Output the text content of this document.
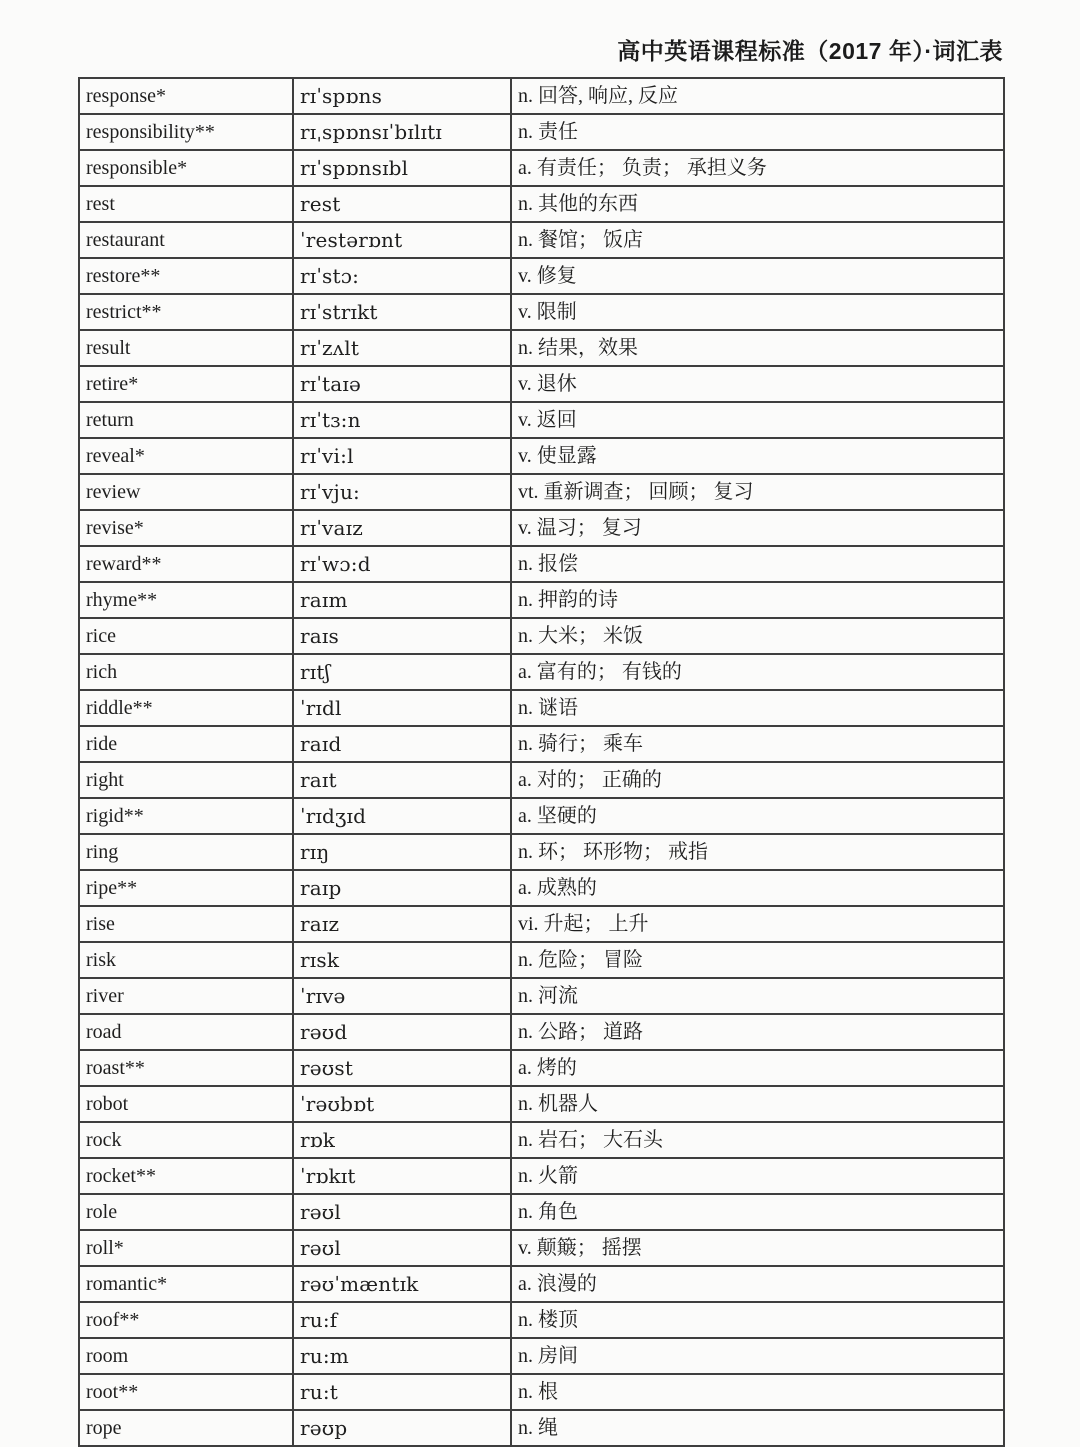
高中英语课程标准（2017 年）·词汇表
response*	rɪˈspɒns	n. 回答, 响应, 反应
responsibility**	rɪˌspɒnsɪˈbɪlɪtɪ	n. 责任
responsible*	rɪˈspɒnsɪbl	a. 有责任； 负责； 承担义务
rest	rest	n. 其他的东西
restaurant	ˈrestərɒnt	n. 餐馆； 饭店
restore**	rɪˈstɔ:	v. 修复
restrict**	rɪˈstrɪkt	v. 限制
result	rɪˈzʌlt	n. 结果，效果
retire*	rɪˈtaɪə	v. 退休
return	rɪˈtɜ:n	v. 返回
reveal*	rɪˈvi:l	v. 使显露
review	rɪˈvju:	vt. 重新调查； 回顾； 复习
revise*	rɪˈvaɪz	v. 温习； 复习
reward**	rɪˈwɔ:d	n. 报偿
rhyme**	raɪm	n. 押韵的诗
rice	raɪs	n. 大米； 米饭
rich	rɪtʃ	a. 富有的； 有钱的
riddle**	ˈrɪdl	n. 谜语
ride	raɪd	n. 骑行； 乘车
right	raɪt	a. 对的； 正确的
rigid**	ˈrɪdʒɪd	a. 坚硬的
ring	rɪŋ	n. 环； 环形物； 戒指
ripe**	raɪp	a. 成熟的
rise	raɪz	vi. 升起； 上升
risk	rɪsk	n. 危险； 冒险
river	ˈrɪvə	n. 河流
road	rəʊd	n. 公路； 道路
roast**	rəʊst	a. 烤的
robot	ˈrəʊbɒt	n. 机器人
rock	rɒk	n. 岩石； 大石头
rocket**	ˈrɒkɪt	n. 火箭
role	rəʊl	n. 角色
roll*	rəʊl	v. 颠簸； 摇摆
romantic*	rəʊˈmæntɪk	a. 浪漫的
roof**	ru:f	n. 楼顶
room	ru:m	n. 房间
root**	ru:t	n. 根
rope	rəʊp	n. 绳
